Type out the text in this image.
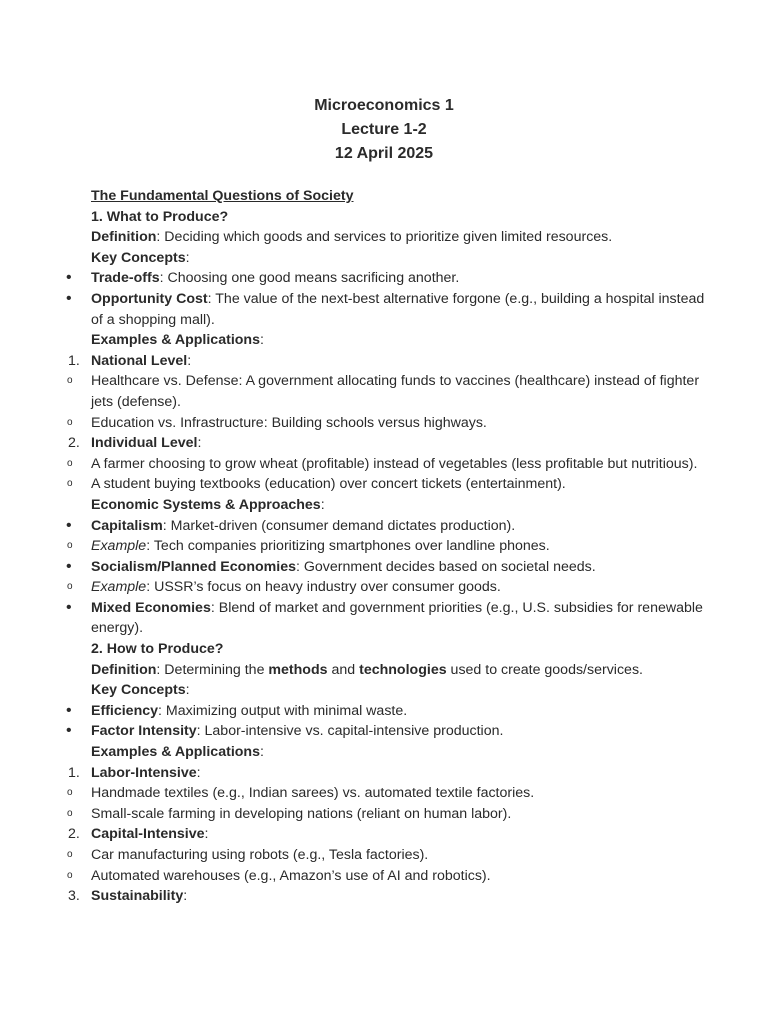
Microeconomics 1
Lecture 1-2
12 April 2025
The Fundamental Questions of Society
1. What to Produce?
Definition: Deciding which goods and services to prioritize given limited resources.
Key Concepts:
•	Trade-offs: Choosing one good means sacrificing another.
•	Opportunity Cost: The value of the next-best alternative forgone (e.g., building a hospital instead of a shopping mall).
Examples & Applications:
1. National Level:
o	Healthcare vs. Defense: A government allocating funds to vaccines (healthcare) instead of fighter jets (defense).
o	Education vs. Infrastructure: Building schools versus highways.
2. Individual Level:
o	A farmer choosing to grow wheat (profitable) instead of vegetables (less profitable but nutritious).
o	A student buying textbooks (education) over concert tickets (entertainment).
Economic Systems & Approaches:
•	Capitalism: Market-driven (consumer demand dictates production).
o	Example: Tech companies prioritizing smartphones over landline phones.
•	Socialism/Planned Economies: Government decides based on societal needs.
o	Example: USSR’s focus on heavy industry over consumer goods.
•	Mixed Economies: Blend of market and government priorities (e.g., U.S. subsidies for renewable energy).
2. How to Produce?
Definition: Determining the methods and technologies used to create goods/services.
Key Concepts:
•	Efficiency: Maximizing output with minimal waste.
•	Factor Intensity: Labor-intensive vs. capital-intensive production.
Examples & Applications:
1. Labor-Intensive:
o	Handmade textiles (e.g., Indian sarees) vs. automated textile factories.
o	Small-scale farming in developing nations (reliant on human labor).
2. Capital-Intensive:
o	Car manufacturing using robots (e.g., Tesla factories).
o	Automated warehouses (e.g., Amazon’s use of AI and robotics).
3. Sustainability:
